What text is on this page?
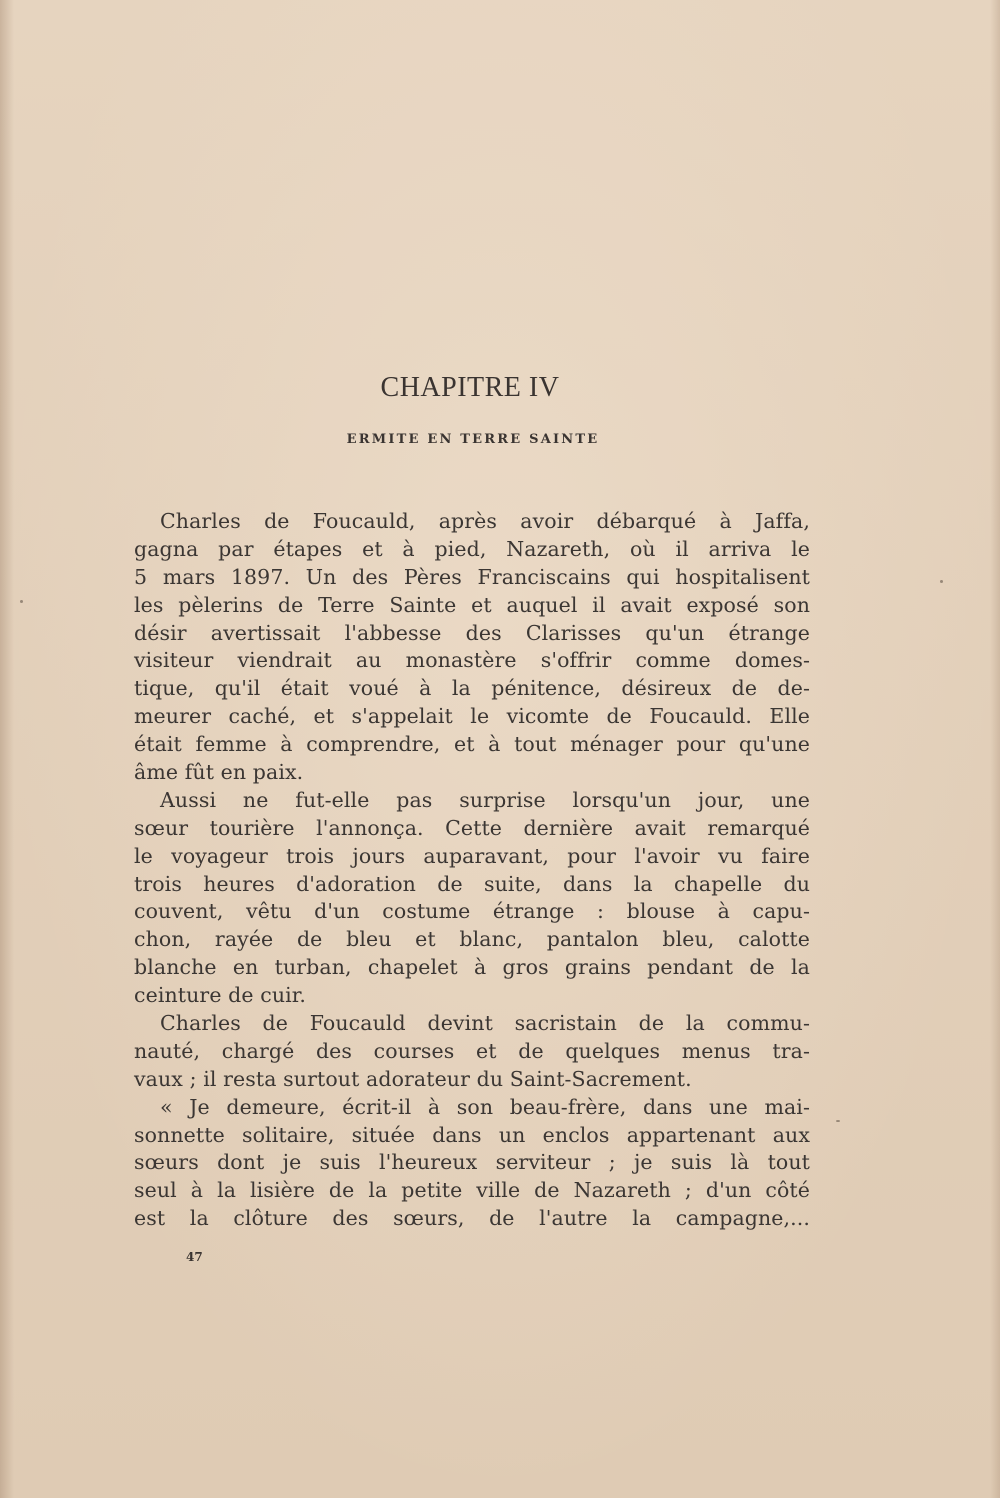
CHAPITRE IV
ERMITE EN TERRE SAINTE
Charles de Foucauld, après avoir débarqué à Jaffa,
gagna par étapes et à pied, Nazareth, où il arriva le
5 mars 1897. Un des Pères Franciscains qui hospitalisent
les pèlerins de Terre Sainte et auquel il avait exposé son
désir avertissait l'abbesse des Clarisses qu'un étrange
visiteur viendrait au monastère s'offrir comme domes-
tique, qu'il était voué à la pénitence, désireux de de-
meurer caché, et s'appelait le vicomte de Foucauld. Elle
était femme à comprendre, et à tout ménager pour qu'une
âme fût en paix.
Aussi ne fut-elle pas surprise lorsqu'un jour, une
sœur tourière l'annonça. Cette dernière avait remarqué
le voyageur trois jours auparavant, pour l'avoir vu faire
trois heures d'adoration de suite, dans la chapelle du
couvent, vêtu d'un costume étrange : blouse à capu-
chon, rayée de bleu et blanc, pantalon bleu, calotte
blanche en turban, chapelet à gros grains pendant de la
ceinture de cuir.
Charles de Foucauld devint sacristain de la commu-
nauté, chargé des courses et de quelques menus tra-
vaux ; il resta surtout adorateur du Saint-Sacrement.
« Je demeure, écrit-il à son beau-frère, dans une mai-
sonnette solitaire, située dans un enclos appartenant aux
sœurs dont je suis l'heureux serviteur ; je suis là tout
seul à la lisière de la petite ville de Nazareth ; d'un côté
est la clôture des sœurs, de l'autre la campagne,...
47
